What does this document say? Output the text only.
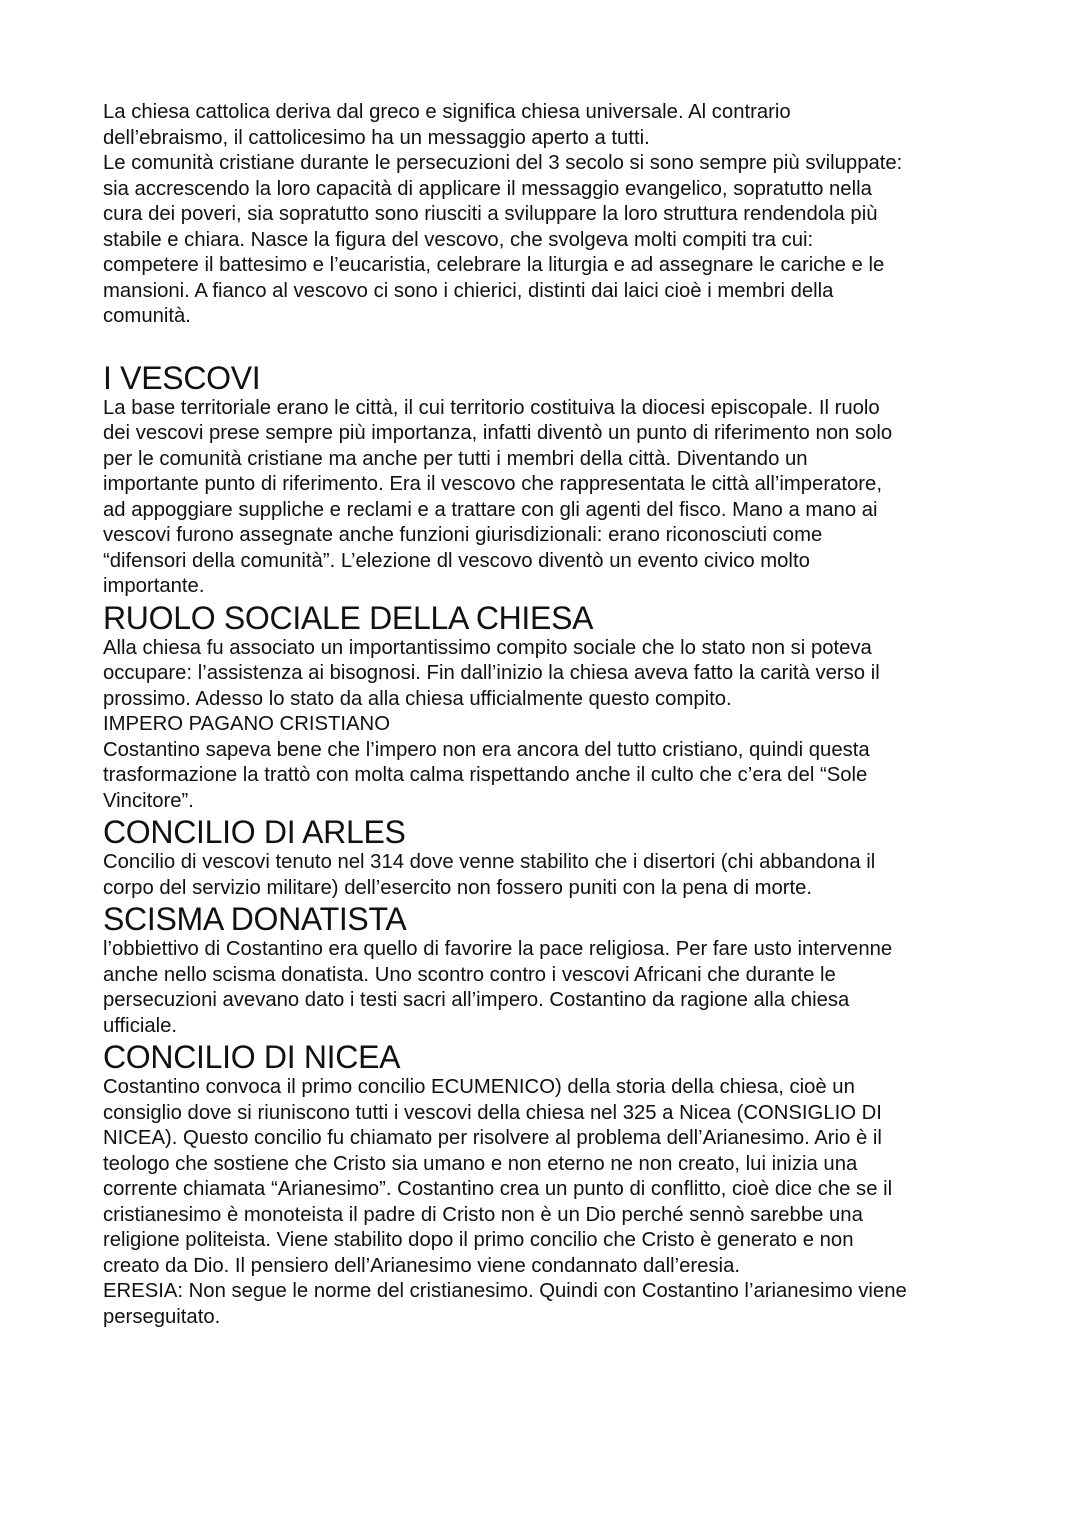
La chiesa cattolica deriva dal greco e significa chiesa universale. Al contrario
dell’ebraismo, il cattolicesimo ha un messaggio aperto a tutti.
Le comunità cristiane durante le persecuzioni del 3 secolo si sono sempre più sviluppate:
sia accrescendo la loro capacità di applicare il messaggio evangelico, sopratutto nella
cura dei poveri, sia sopratutto sono riusciti a sviluppare la loro struttura rendendola più
stabile e chiara. Nasce la figura del vescovo, che svolgeva molti compiti tra cui:
competere il battesimo e l’eucaristia, celebrare la liturgia e ad assegnare le cariche e le
mansioni. A fianco al vescovo ci sono i chierici, distinti dai laici cioè i membri della
comunità.

I VESCOVI

La base territoriale erano le città, il cui territorio costituiva la diocesi episcopale. Il ruolo
dei vescovi prese sempre più importanza, infatti diventò un punto di riferimento non solo
per le comunità cristiane ma anche per tutti i membri della città. Diventando un
importante punto di riferimento. Era il vescovo che rappresentata le città all’imperatore,
ad appoggiare suppliche e reclami e a trattare con gli agenti del fisco. Mano a mano ai
vescovi furono assegnate anche funzioni giurisdizionali: erano riconosciuti come
“difensori della comunità”. L’elezione dl vescovo diventò un evento civico molto
importante.

RUOLO SOCIALE DELLA CHIESA

Alla chiesa fu associato un importantissimo compito sociale che lo stato non si poteva
occupare: l’assistenza ai bisognosi. Fin dall’inizio la chiesa aveva fatto la carità verso il
prossimo. Adesso lo stato da alla chiesa ufficialmente questo compito.
IMPERO PAGANO CRISTIANO
Costantino sapeva bene che l’impero non era ancora del tutto cristiano, quindi questa
trasformazione la trattò con molta calma rispettando anche il culto che c’era del “Sole
Vincitore”.

CONCILIO DI ARLES

Concilio di vescovi tenuto nel 314 dove venne stabilito che i disertori (chi abbandona il
corpo del servizio militare) dell’esercito non fossero puniti con la pena di morte.

SCISMA DONATISTA

l’obbiettivo di Costantino era quello di favorire la pace religiosa. Per fare usto intervenne
anche nello scisma donatista. Uno scontro contro i vescovi Africani che durante le
persecuzioni avevano dato i testi sacri all’impero. Costantino da ragione alla chiesa
ufficiale.

CONCILIO DI NICEA

Costantino convoca il primo concilio ECUMENICO) della storia della chiesa, cioè un
consiglio dove si riuniscono tutti i vescovi della chiesa nel 325 a Nicea (CONSIGLIO DI
NICEA). Questo concilio fu chiamato per risolvere al problema dell’Arianesimo. Ario è il
teologo che sostiene che Cristo sia umano e non eterno ne non creato, lui inizia una
corrente chiamata “Arianesimo”. Costantino crea un punto di conflitto, cioè dice che se il
cristianesimo è monoteista il padre di Cristo non è un Dio perché sennò sarebbe una
religione politeista. Viene stabilito dopo il primo concilio che Cristo è generato e non
creato da Dio. Il pensiero dell’Arianesimo viene condannato dall’eresia.
ERESIA: Non segue le norme del cristianesimo. Quindi con Costantino l’arianesimo viene
perseguitato.
